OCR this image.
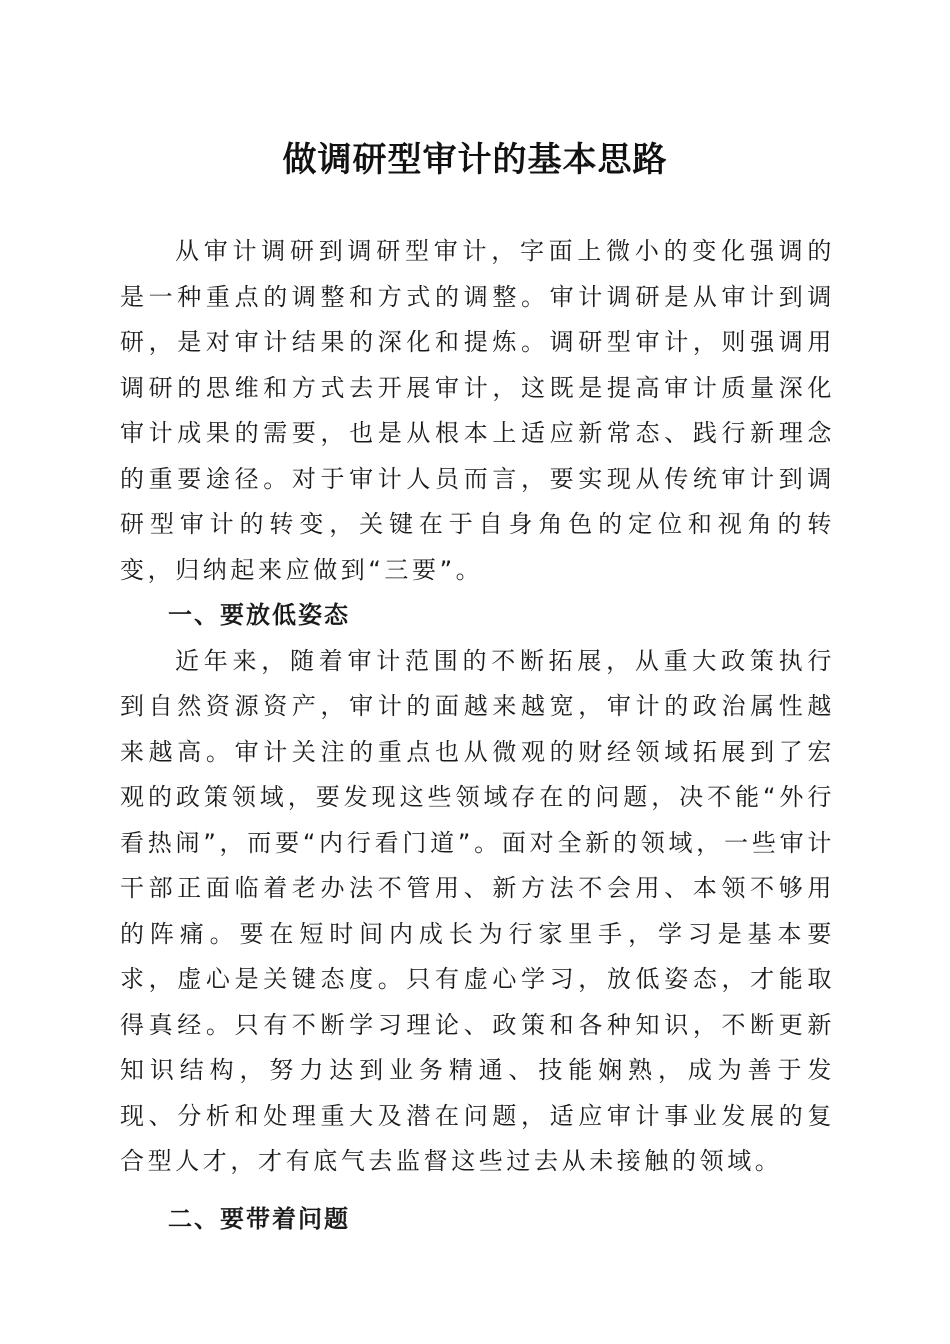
做调研型审计的基本思路

从审计调研到调研型审计，字面上微小的变化强调的是一种重点的调整和方式的调整。审计调研是从审计到调研，是对审计结果的深化和提炼。调研型审计，则强调用调研的思维和方式去开展审计，这既是提高审计质量深化审计成果的需要，也是从根本上适应新常态、践行新理念的重要途径。对于审计人员而言，要实现从传统审计到调研型审计的转变，关键在于自身角色的定位和视角的转变，归纳起来应做到“三要”。

一、要放低姿态

近年来，随着审计范围的不断拓展，从重大政策执行到自然资源资产，审计的面越来越宽，审计的政治属性越来越高。审计关注的重点也从微观的财经领域拓展到了宏观的政策领域，要发现这些领域存在的问题，决不能“外行看热闹”，而要“内行看门道”。面对全新的领域，一些审计干部正面临着老办法不管用、新方法不会用、本领不够用的阵痛。要在短时间内成长为行家里手，学习是基本要求，虚心是关键态度。只有虚心学习，放低姿态，才能取得真经。只有不断学习理论、政策和各种知识，不断更新知识结构，努力达到业务精通、技能娴熟，成为善于发现、分析和处理重大及潜在问题，适应审计事业发展的复合型人才，才有底气去监督这些过去从未接触的领域。

二、要带着问题
